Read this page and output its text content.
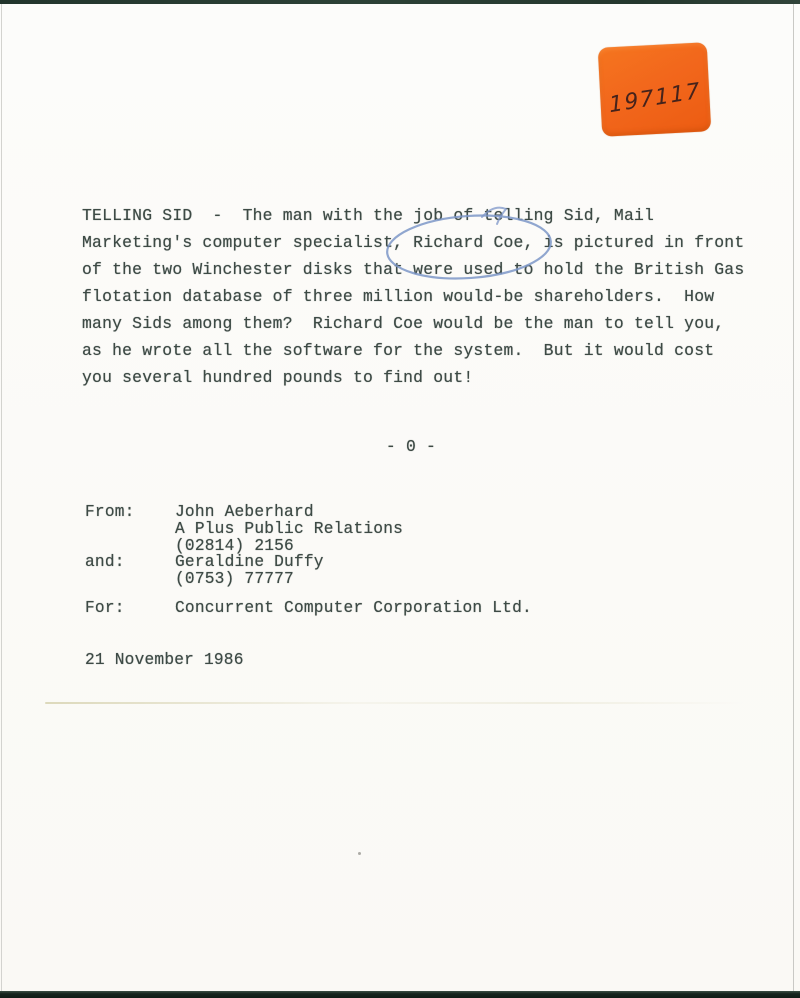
197117
TELLING SID  -  The man with the job of telling Sid, Mail
Marketing's computer specialist, Richard Coe, is pictured in front
of the two Winchester disks that were used to hold the British Gas
flotation database of three million would-be shareholders.  How
many Sids among them?  Richard Coe would be the man to tell you,
as he wrote all the software for the system.  But it would cost
you several hundred pounds to find out!
- 0 -
From:	John Aeberhard
A Plus Public Relations
(02814) 2156
and:	Geraldine Duffy
(0753) 77777
For:	Concurrent Computer Corporation Ltd.
21 November 1986
